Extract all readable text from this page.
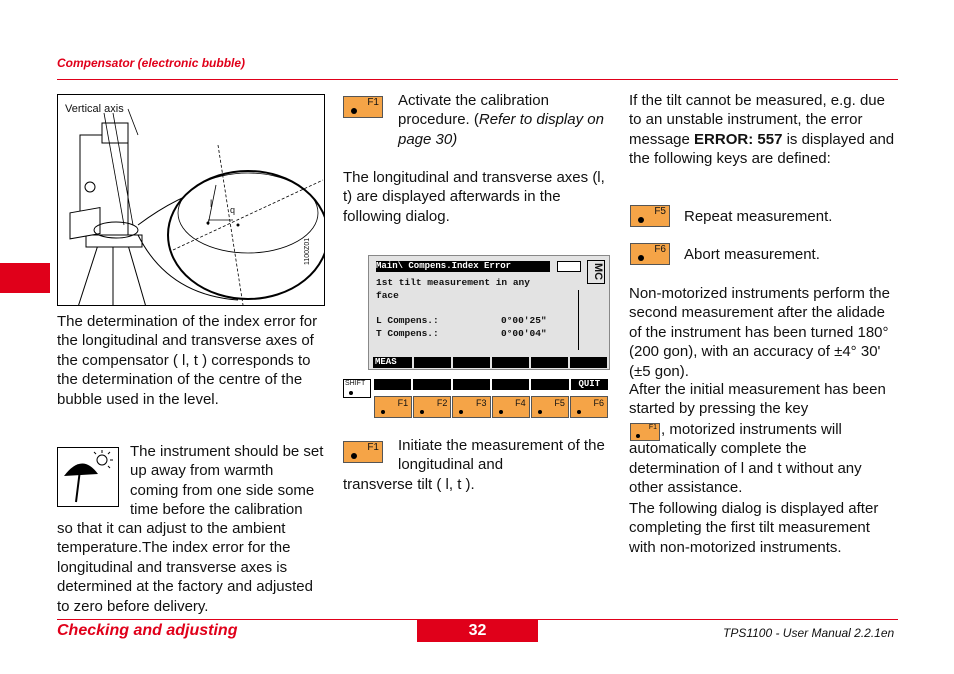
Compensator (electronic bubble)
Vertical axis
l q
1100Z01
The determination of the index error for the longitudinal and transverse axes of the compensator ( l, t ) corresponds to the determination of the centre of the bubble used in the level.
The instrument should be set up away from warmth coming from one side some time before the calibration
so that it can adjust to the ambient temperature.The index error for the longitudinal and transverse axes is determined at the factory and adjusted to zero before delivery.
F1 Activate the calibration procedure. (Refer to display on page 30)
The longitudinal and transverse axes (l, t) are displayed afterwards in the following dialog.
Main\ Compens.Index Error	MC
1st tilt measurement in any
face
L Compens.:	0°00'25"
T Compens.:	0°00'04"
MEAS
SHIFT	QUIT
F1	F2	F3	F4	F5	F6
F1 Initiate the measurement of the longitudinal and
transverse tilt ( l, t ).
If the tilt cannot be measured, e.g. due to an unstable instrument, the error message ERROR: 557 is displayed and the following keys are defined:
F5 Repeat measurement.
F6 Abort measurement.
Non-motorized instruments perform the second measurement after the alidade of the instrument has been turned 180° (200 gon), with an accuracy of ±4° 30' (±5 gon).
After the initial measurement has been started by pressing the key
F1 , motorized instruments will automatically complete the determination of l and t without any other assistance.
The following dialog is displayed after completing the first tilt measurement with non-motorized instruments.
Checking and adjusting	32	TPS1100 - User Manual 2.2.1en
